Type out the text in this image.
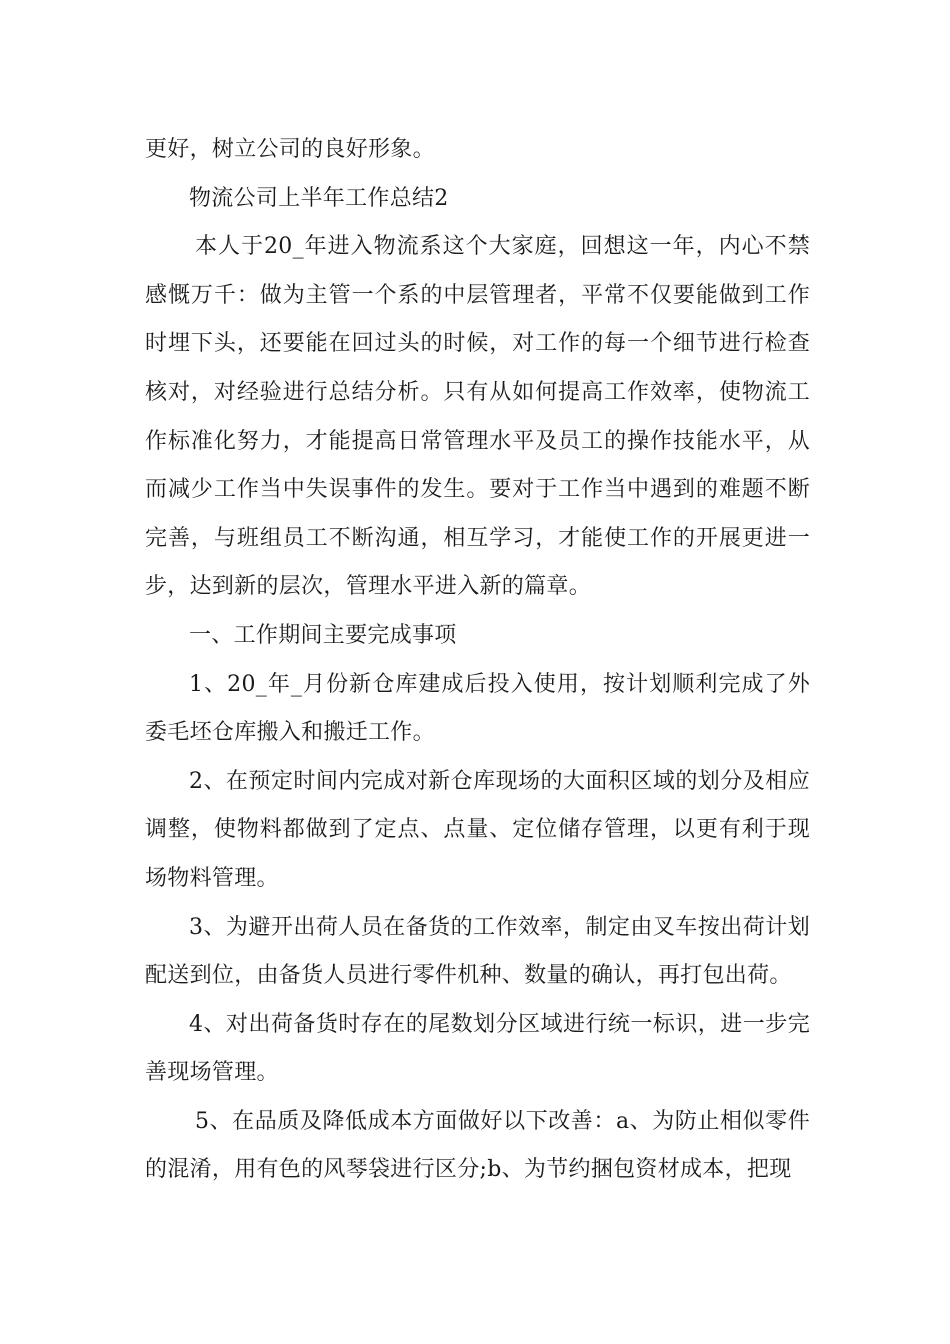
更好，树立公司的良好形象。

物流公司上半年工作总结2

本人于20_年进入物流系这个大家庭，回想这一年，内心不禁感慨万千：做为主管一个系的中层管理者，平常不仅要能做到工作时埋下头，还要能在回过头的时候，对工作的每一个细节进行检查核对，对经验进行总结分析。只有从如何提高工作效率，使物流工作标准化努力，才能提高日常管理水平及员工的操作技能水平，从而减少工作当中失误事件的发生。要对于工作当中遇到的难题不断完善，与班组员工不断沟通，相互学习，才能使工作的开展更进一步，达到新的层次，管理水平进入新的篇章。

一、工作期间主要完成事项

1、20_年_月份新仓库建成后投入使用，按计划顺利完成了外委毛坯仓库搬入和搬迁工作。

2、在预定时间内完成对新仓库现场的大面积区域的划分及相应调整，使物料都做到了定点、点量、定位储存管理，以更有利于现场物料管理。

3、为避开出荷人员在备货的工作效率，制定由叉车按出荷计划配送到位，由备货人员进行零件机种、数量的确认，再打包出荷。

4、对出荷备货时存在的尾数划分区域进行统一标识，进一步完善现场管理。

5、在品质及降低成本方面做好以下改善：a、为防止相似零件的混淆，用有色的风琴袋进行区分;b、为节约捆包资材成本，把现
